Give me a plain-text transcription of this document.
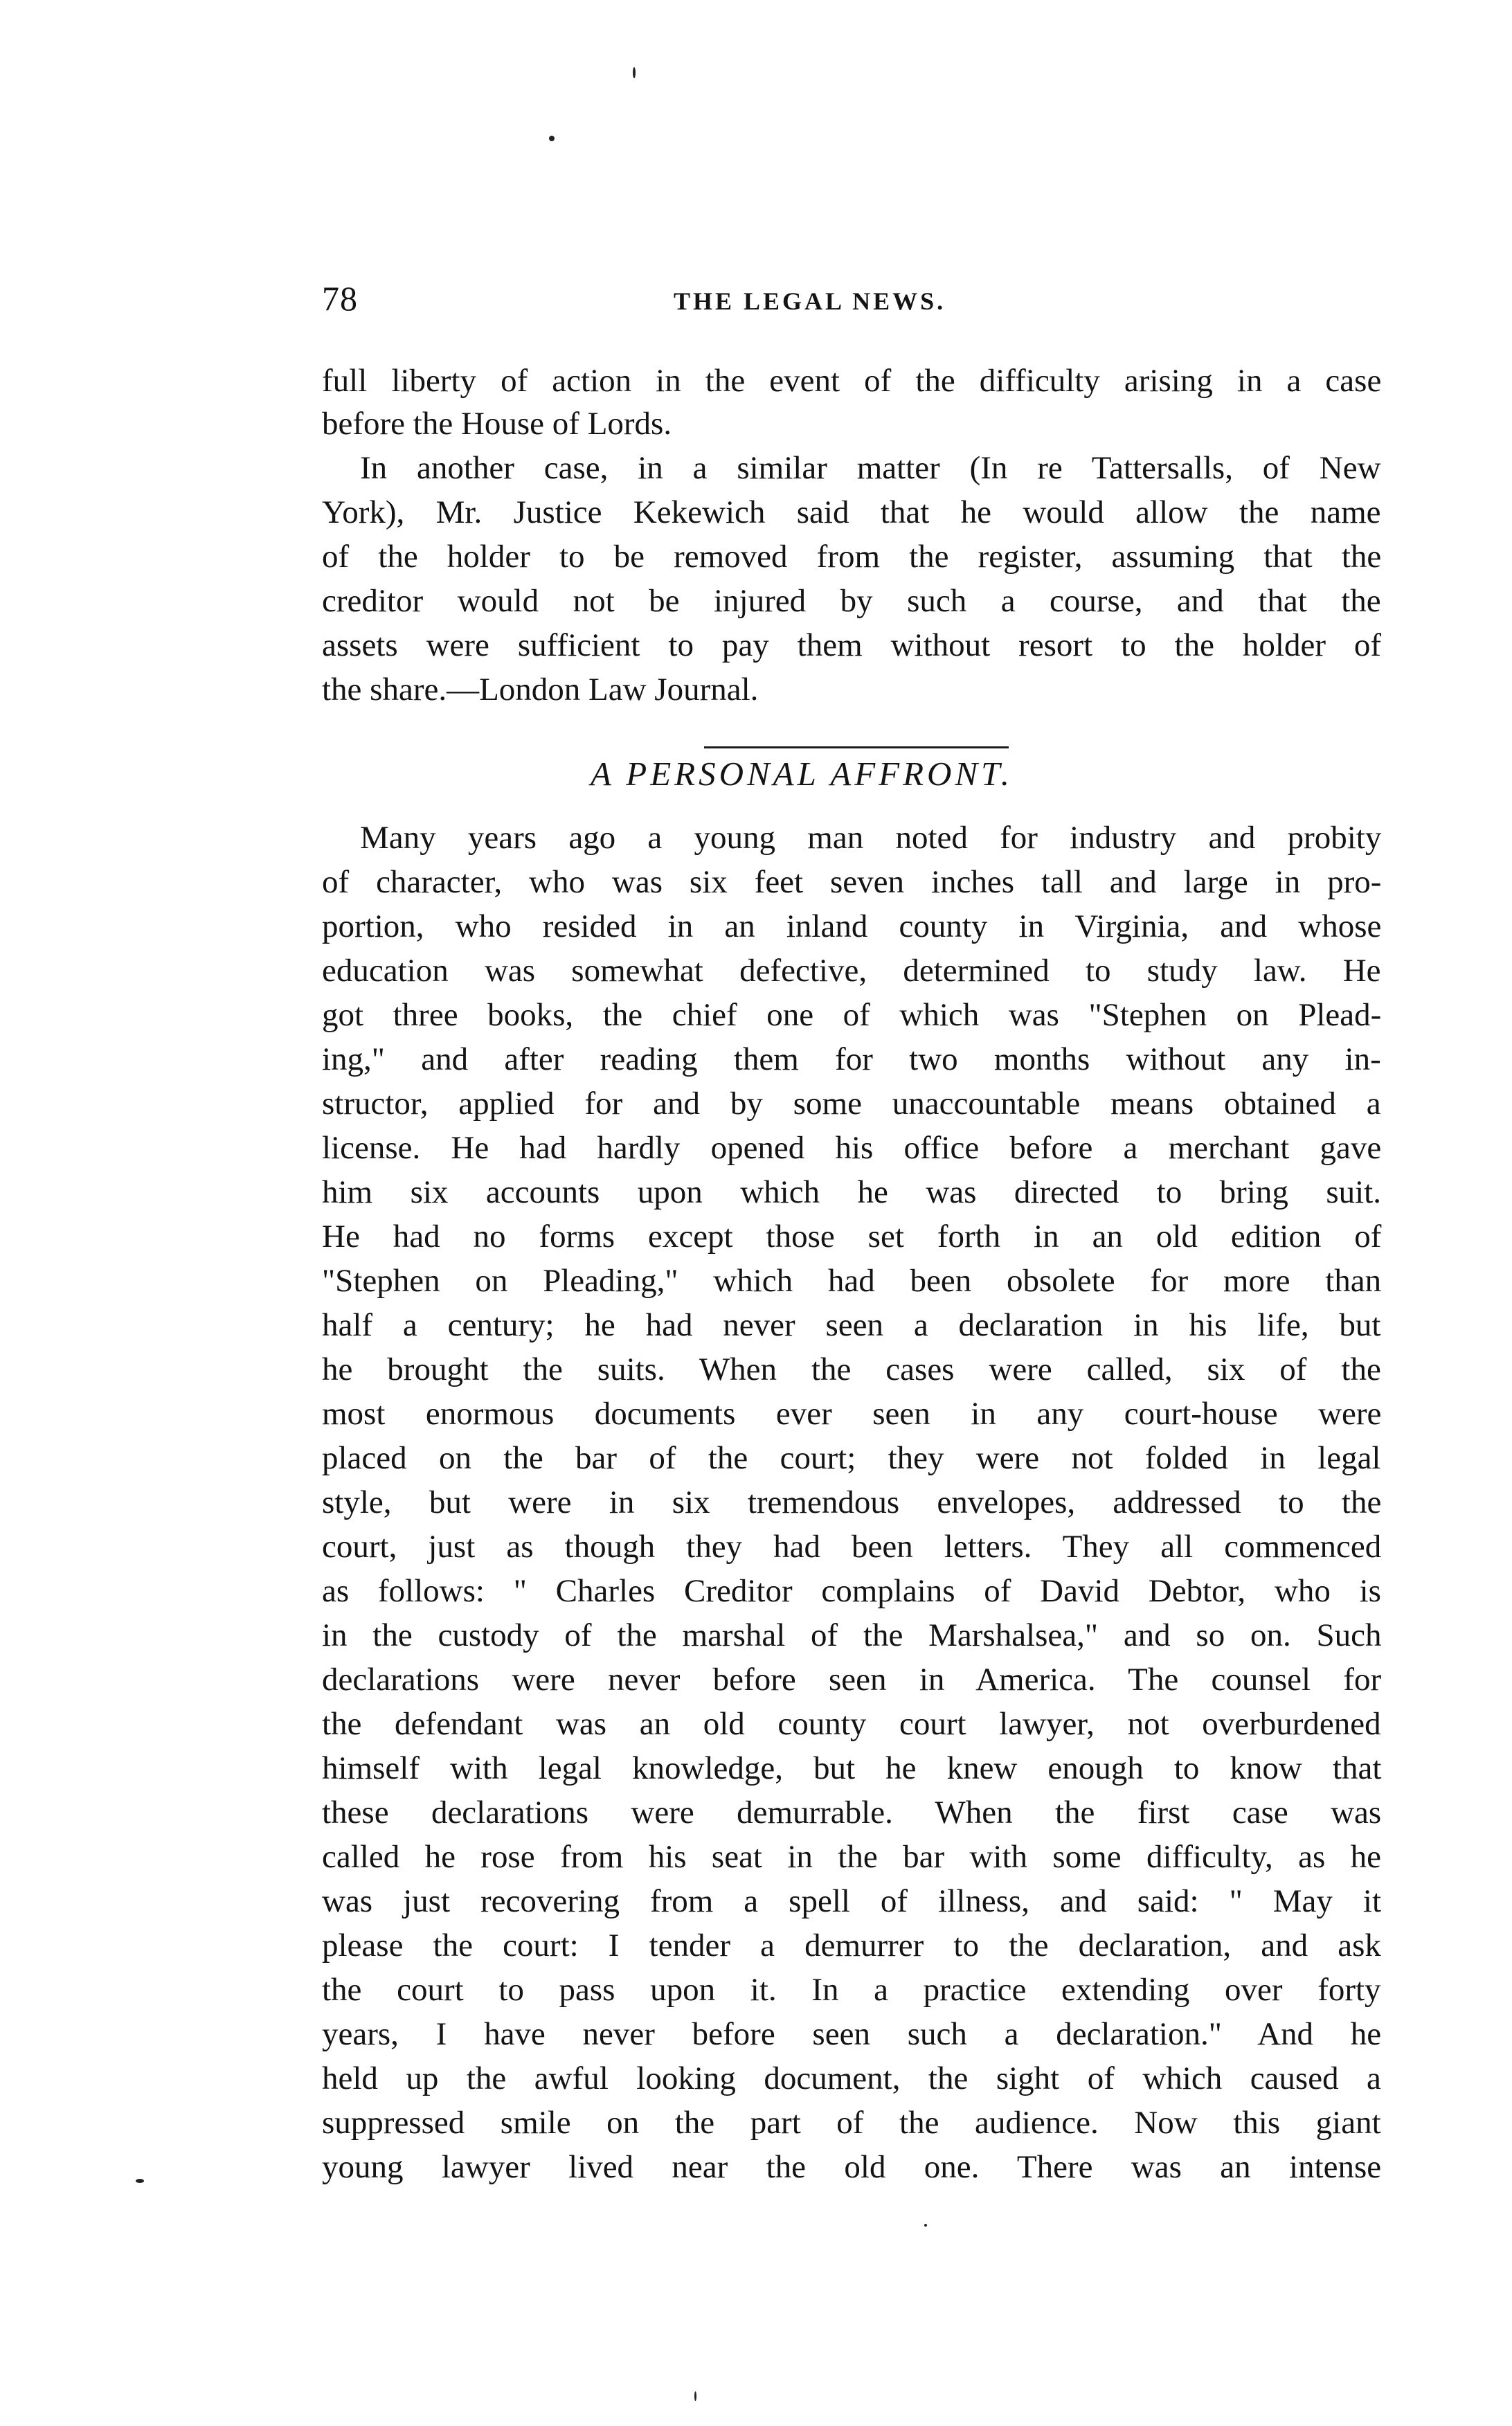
78	THE LEGAL NEWS.
full liberty of action in the event of the difficulty arising in a case
before the House of Lords.
In another case, in a similar matter (In re Tattersalls, of New
York), Mr. Justice Kekewich said that he would allow the name
of the holder to be removed from the register, assuming that the
creditor would not be injured by such a course, and that the
assets were sufficient to pay them without resort to the holder of
the share.—London Law Journal.
A PERSONAL AFFRONT.
Many years ago a young man noted for industry and probity
of character, who was six feet seven inches tall and large in pro-
portion, who resided in an inland county in Virginia, and whose
education was somewhat defective, determined to study law. He
got three books, the chief one of which was "Stephen on Plead-
ing," and after reading them for two months without any in-
structor, applied for and by some unaccountable means obtained a
license. He had hardly opened his office before a merchant gave
him six accounts upon which he was directed to bring suit.
He had no forms except those set forth in an old edition of
"Stephen on Pleading," which had been obsolete for more than
half a century; he had never seen a declaration in his life, but
he brought the suits. When the cases were called, six of the
most enormous documents ever seen in any court-house were
placed on the bar of the court; they were not folded in legal
style, but were in six tremendous envelopes, addressed to the
court, just as though they had been letters. They all commenced
as follows: " Charles Creditor complains of David Debtor, who is
in the custody of the marshal of the Marshalsea," and so on. Such
declarations were never before seen in America. The counsel for
the defendant was an old county court lawyer, not overburdened
himself with legal knowledge, but he knew enough to know that
these declarations were demurrable. When the first case was
called he rose from his seat in the bar with some difficulty, as he
was just recovering from a spell of illness, and said: " May it
please the court: I tender a demurrer to the declaration, and ask
the court to pass upon it. In a practice extending over forty
years, I have never before seen such a declaration." And he
held up the awful looking document, the sight of which caused a
suppressed smile on the part of the audience. Now this giant
young lawyer lived near the old one. There was an intense
